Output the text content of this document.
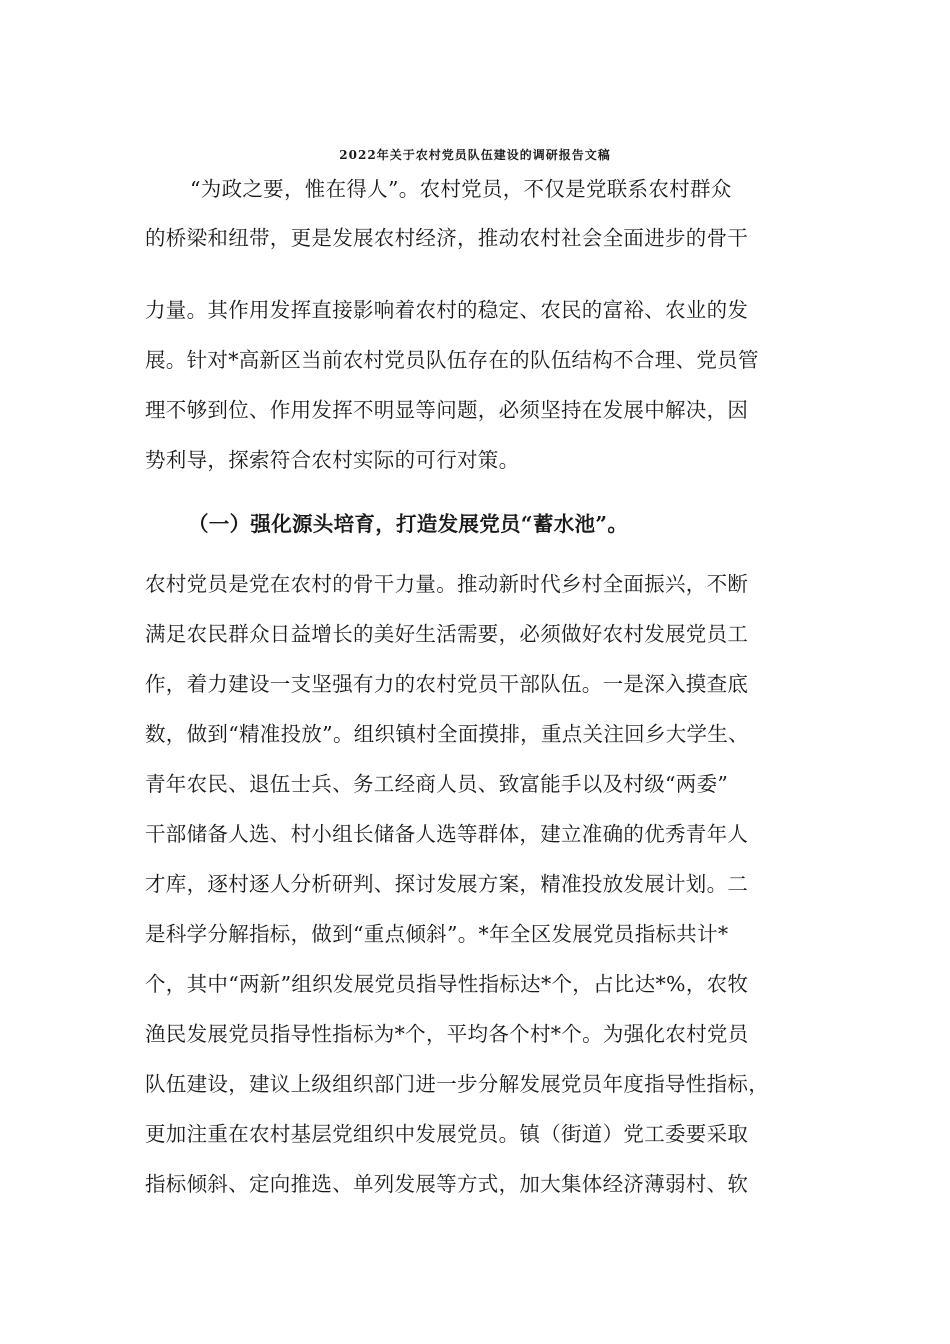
2022年关于农村党员队伍建设的调研报告文稿
“为政之要，惟在得人”。农村党员，不仅是党联系农村群众
的桥梁和纽带，更是发展农村经济，推动农村社会全面进步的骨干
力量。其作用发挥直接影响着农村的稳定、农民的富裕、农业的发
展。针对*高新区当前农村党员队伍存在的队伍结构不合理、党员管
理不够到位、作用发挥不明显等问题，必须坚持在发展中解决，因
势利导，探索符合农村实际的可行对策。
（一）强化源头培育，打造发展党员“蓄水池”。
农村党员是党在农村的骨干力量。推动新时代乡村全面振兴，不断
满足农民群众日益增长的美好生活需要，必须做好农村发展党员工
作，着力建设一支坚强有力的农村党员干部队伍。一是深入摸查底
数，做到“精准投放”。组织镇村全面摸排，重点关注回乡大学生、
青年农民、退伍士兵、务工经商人员、致富能手以及村级“两委”
干部储备人选、村小组长储备人选等群体，建立准确的优秀青年人
才库，逐村逐人分析研判、探讨发展方案，精准投放发展计划。二
是科学分解指标，做到“重点倾斜”。*年全区发展党员指标共计*
个，其中“两新”组织发展党员指导性指标达*个，占比达*%，农牧
渔民发展党员指导性指标为*个，平均各个村*个。为强化农村党员
队伍建设，建议上级组织部门进一步分解发展党员年度指导性指标，
更加注重在农村基层党组织中发展党员。镇（街道）党工委要采取
指标倾斜、定向推选、单列发展等方式，加大集体经济薄弱村、软
